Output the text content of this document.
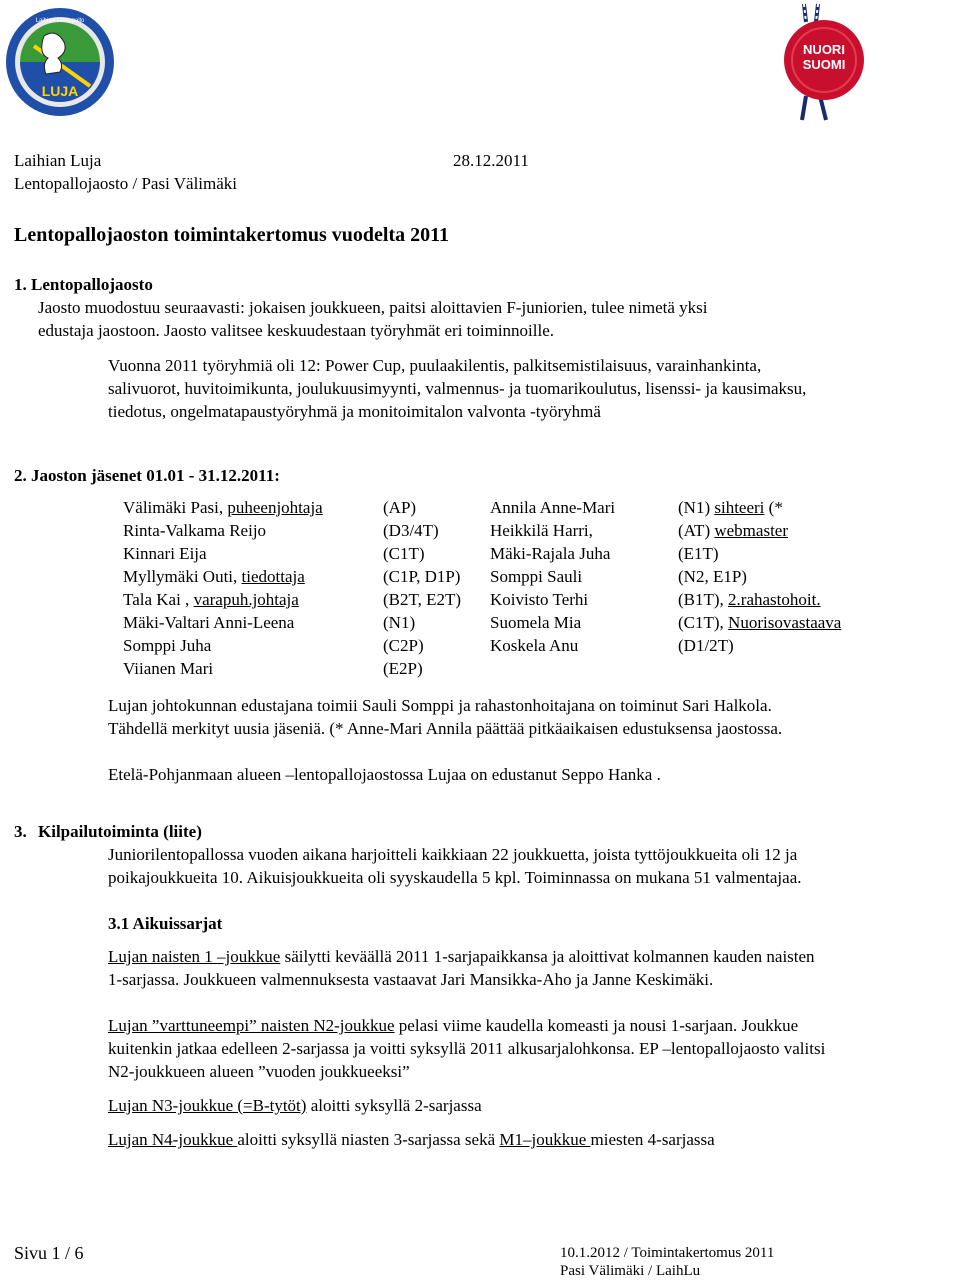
LUJA
Laihian Lentopallo
NUORI
SUOMI
Laihian Luja	28.12.2011
Lentopallojaosto / Pasi Välimäki
Lentopallojaoston toimintakertomus vuodelta 2011
1. Lentopallojaosto
Jaosto muodostuu seuraavasti: jokaisen joukkueen, paitsi aloittavien F-juniorien, tulee nimetä yksi
edustaja jaostoon. Jaosto valitsee keskuudestaan työryhmät eri toiminnoille.
Vuonna 2011 työryhmiä oli 12: Power Cup, puulaakilentis, palkitsemistilaisuus, varainhankinta,
salivuorot, huvitoimikunta, joulukuusimyynti, valmennus- ja tuomarikoulutus, lisenssi- ja kausimaksu,
tiedotus, ongelmatapaustyöryhmä ja monitoimitalon valvonta -työryhmä
2. Jaoston jäsenet 01.01 - 31.12.2011:
Välimäki Pasi, puheenjohtaja	(AP)	Annila Anne-Mari	(N1) sihteeri (*
Rinta-Valkama Reijo	(D3/4T)	Heikkilä Harri,	(AT) webmaster
Kinnari Eija	(C1T)	Mäki-Rajala Juha	(E1T)
Myllymäki Outi, tiedottaja	(C1P, D1P) Somppi Sauli	(N2, E1P)
Tala Kai , varapuh.johtaja	(B2T, E2T) Koivisto Terhi	(B1T), 2.rahastohoit.
Mäki-Valtari Anni-Leena	(N1)	Suomela Mia	(C1T), Nuorisovastaava
Somppi Juha	(C2P)	Koskela Anu	(D1/2T)
Viianen Mari	(E2P)
Lujan johtokunnan edustajana toimii Sauli Somppi ja rahastonhoitajana on toiminut Sari Halkola.
Tähdellä merkityt uusia jäseniä. (* Anne-Mari Annila päättää pitkäaikaisen edustuksensa jaostossa.
Etelä-Pohjanmaan alueen –lentopallojaostossa Lujaa on edustanut Seppo Hanka .
3. Kilpailutoiminta (liite)
Juniorilentopallossa vuoden aikana harjoitteli kaikkiaan 22 joukkuetta, joista tyttöjoukkueita oli 12 ja
poikajoukkueita 10. Aikuisjoukkueita oli syyskaudella 5 kpl. Toiminnassa on mukana 51 valmentajaa.
3.1 Aikuissarjat
Lujan naisten 1 –joukkue säilytti keväällä 2011 1-sarjapaikkansa ja aloittivat kolmannen kauden naisten
1-sarjassa. Joukkueen valmennuksesta vastaavat Jari Mansikka-Aho ja Janne Keskimäki.
Lujan ”varttuneempi” naisten N2-joukkue pelasi viime kaudella komeasti ja nousi 1-sarjaan. Joukkue
kuitenkin jatkaa edelleen 2-sarjassa ja voitti syksyllä 2011 alkusarjalohkonsa. EP –lentopallojaosto valitsi
N2-joukkueen alueen ”vuoden joukkueeksi”
Lujan N3-joukkue (=B-tytöt) aloitti syksyllä 2-sarjassa
Lujan N4-joukkue aloitti syksyllä niasten 3-sarjassa sekä M1–joukkue miesten 4-sarjassa
Sivu 1 / 6	10.1.2012 / Toimintakertomus 2011
Pasi Välimäki / LaihLu
